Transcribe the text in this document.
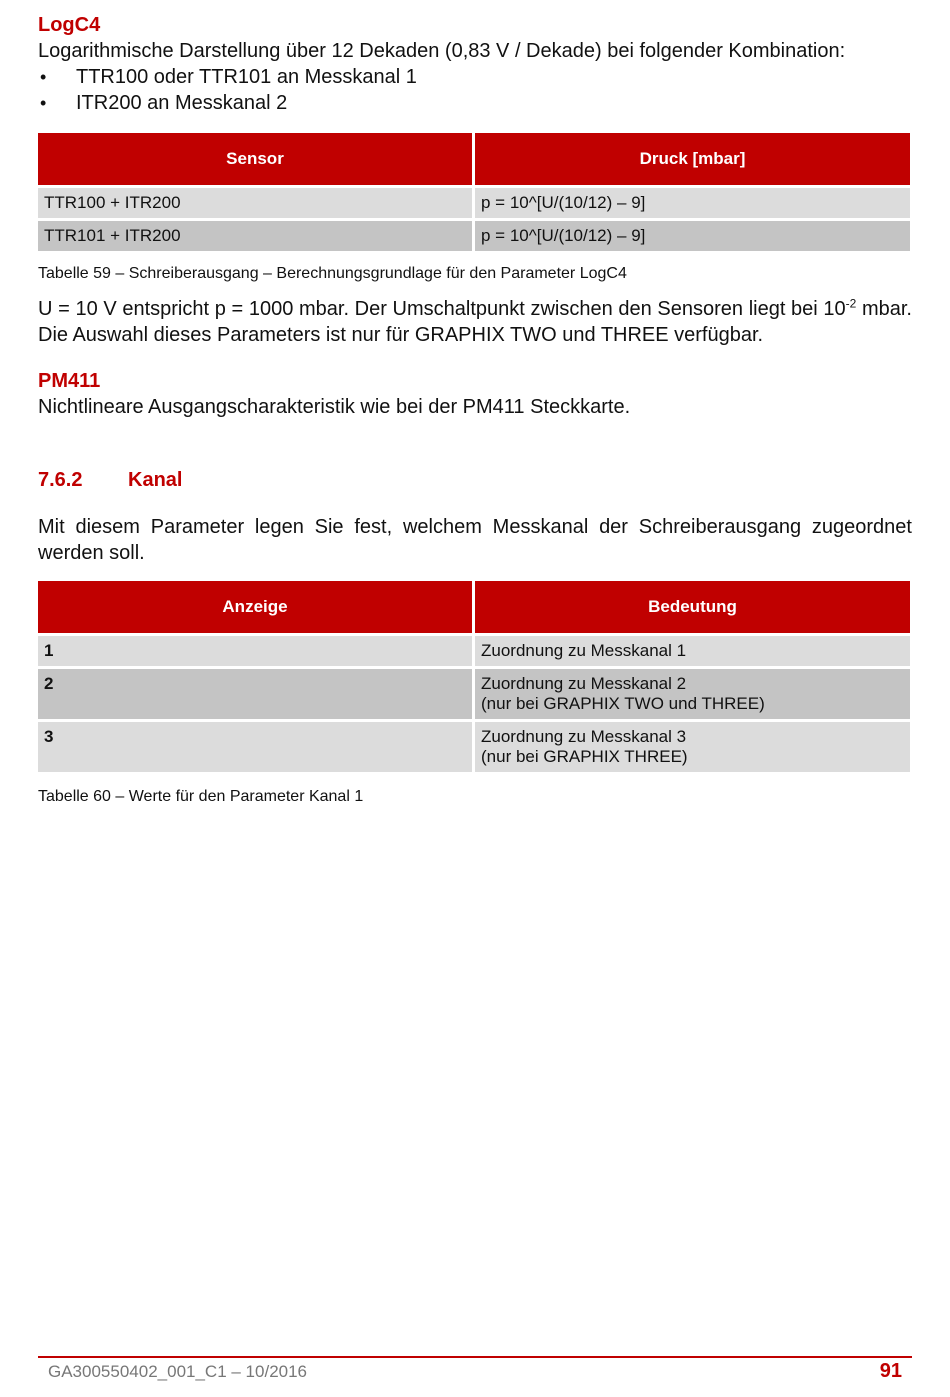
LogC4
Logarithmische Darstellung über 12 Dekaden (0,83 V / Dekade) bei folgender Kombination:
• TTR100 oder TTR101 an Messkanal 1
• ITR200 an Messkanal 2
Sensor	Druck [mbar]
TTR100 + ITR200	p = 10^[U/(10/12) – 9]
TTR101 + ITR200	p = 10^[U/(10/12) – 9]
Tabelle 59 – Schreiberausgang – Berechnungsgrundlage für den Parameter LogC4

U = 10 V entspricht p = 1000 mbar. Der Umschaltpunkt zwischen den Sensoren liegt bei $10^{-2}$ mbar. Die Auswahl dieses Parameters ist nur für GRAPHIX TWO und THREE verfügbar.

PM411
Nichtlineare Ausgangscharakteristik wie bei der PM411 Steckkarte.
7.6.2 Kanal

Mit diesem Parameter legen Sie fest, welchem Messkanal der Schreiberausgang zugeordnet werden soll.

Anzeige	Bedeutung
1	Zuordnung zu Messkanal 1

2	Zuordnung zu Messkanal 2
(nur bei GRAPHIX TWO und THREE)

3	Zuordnung zu Messkanal 3
(nur bei GRAPHIX THREE)
Tabelle 60 – Werte für den Parameter Kanal 1
GA300550402_001_C1 – 10/2016	91
